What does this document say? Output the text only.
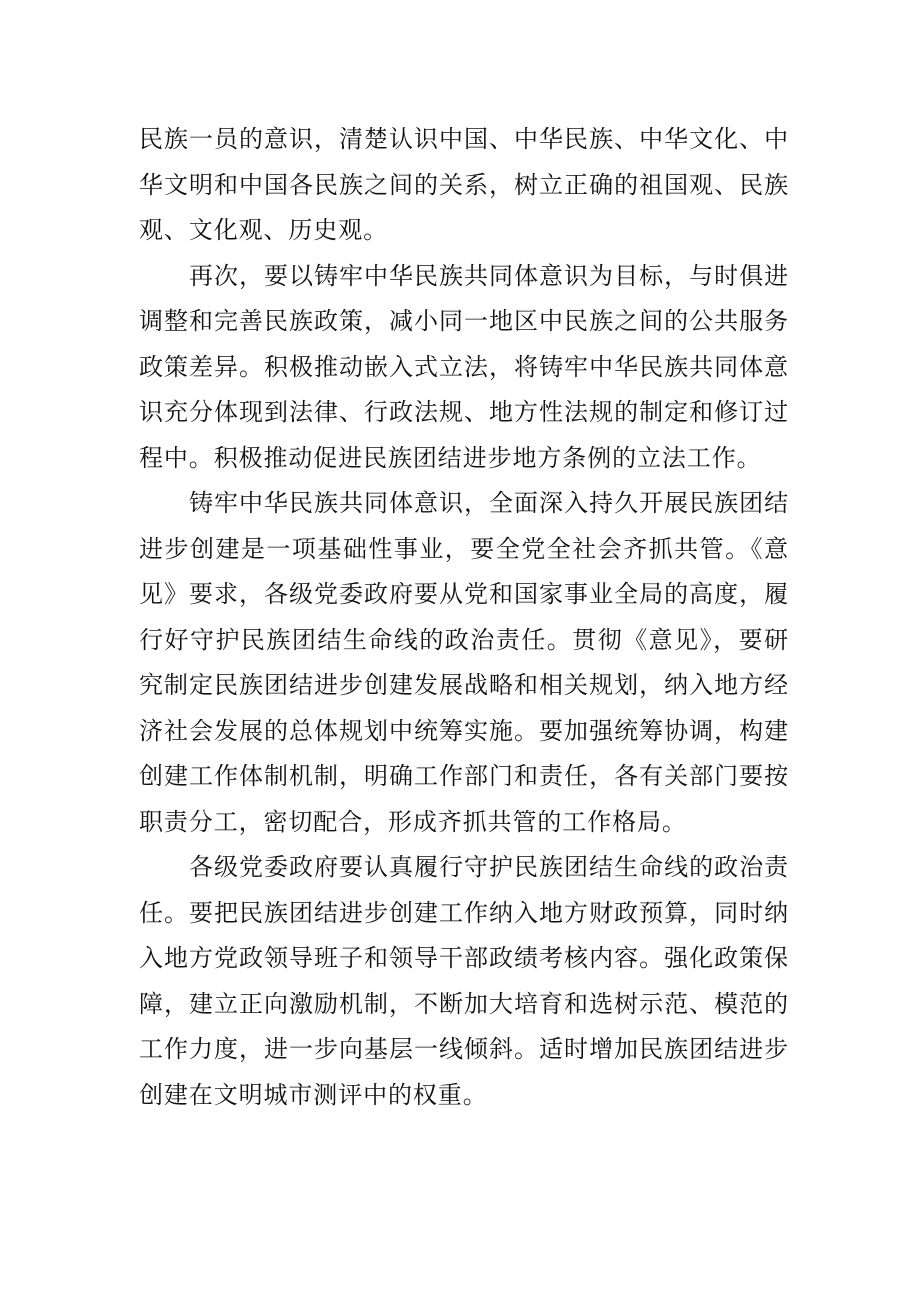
民族一员的意识，清楚认识中国、中华民族、中华文化、中华文明和中国各民族之间的关系，树立正确的祖国观、民族观、文化观、历史观。

再次，要以铸牢中华民族共同体意识为目标，与时俱进调整和完善民族政策，减小同一地区中民族之间的公共服务政策差异。积极推动嵌入式立法，将铸牢中华民族共同体意识充分体现到法律、行政法规、地方性法规的制定和修订过程中。积极推动促进民族团结进步地方条例的立法工作。

铸牢中华民族共同体意识，全面深入持久开展民族团结进步创建是一项基础性事业，要全党全社会齐抓共管。《意见》要求，各级党委政府要从党和国家事业全局的高度，履行好守护民族团结生命线的政治责任。贯彻《意见》，要研究制定民族团结进步创建发展战略和相关规划，纳入地方经济社会发展的总体规划中统筹实施。要加强统筹协调，构建创建工作体制机制，明确工作部门和责任，各有关部门要按职责分工，密切配合，形成齐抓共管的工作格局。

各级党委政府要认真履行守护民族团结生命线的政治责任。要把民族团结进步创建工作纳入地方财政预算，同时纳入地方党政领导班子和领导干部政绩考核内容。强化政策保障，建立正向激励机制，不断加大培育和选树示范、模范的工作力度，进一步向基层一线倾斜。适时增加民族团结进步创建在文明城市测评中的权重。
